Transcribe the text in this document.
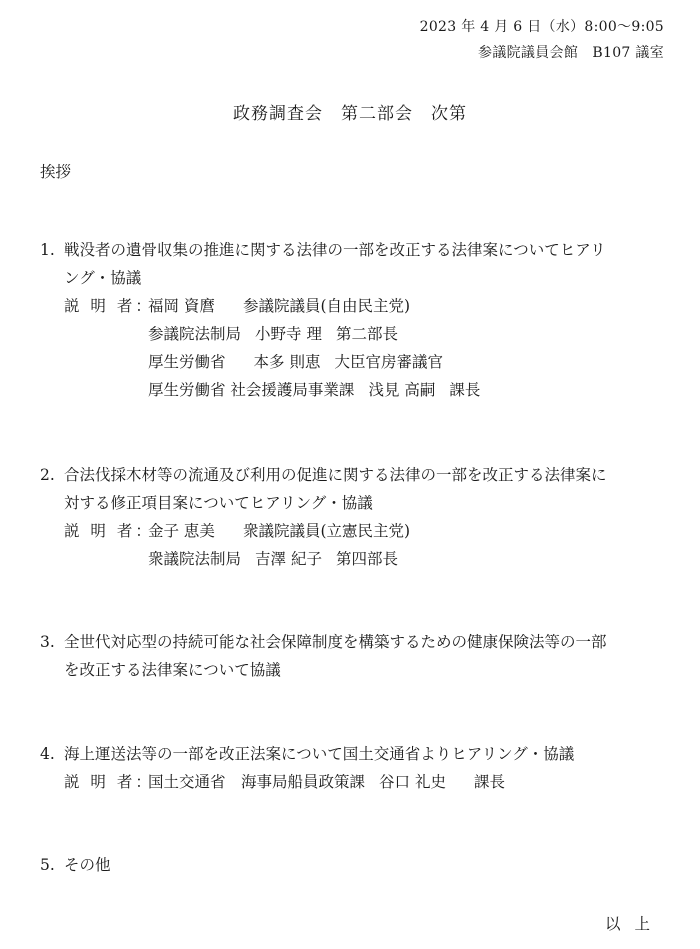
2023 年 4 月 6 日（水）8:00～9:05
参議院議員会館　B107 議室
政務調査会　第二部会　次第
挨拶
1. 戦没者の遺骨収集の推進に関する法律の一部を改正する法律案についてヒアリ
ング・協議
説 明 者：福岡 資麿 参議院議員(自由民主党)
参議院法制局 小野寺 理 第二部長
厚生労働省 本多 則恵 大臣官房審議官
厚生労働省 社会援護局事業課 浅見 高嗣 課長
2. 合法伐採木材等の流通及び利用の促進に関する法律の一部を改正する法律案に
対する修正項目案についてヒアリング・協議
説 明 者：金子 恵美 衆議院議員(立憲民主党)
衆議院法制局 吉澤 紀子 第四部長
3. 全世代対応型の持続可能な社会保障制度を構築するための健康保険法等の一部
を改正する法律案について協議
4. 海上運送法等の一部を改正法案について国土交通省よりヒアリング・協議
説 明 者：国土交通省　海事局船員政策課 谷口 礼史 課長
5. その他
以上
